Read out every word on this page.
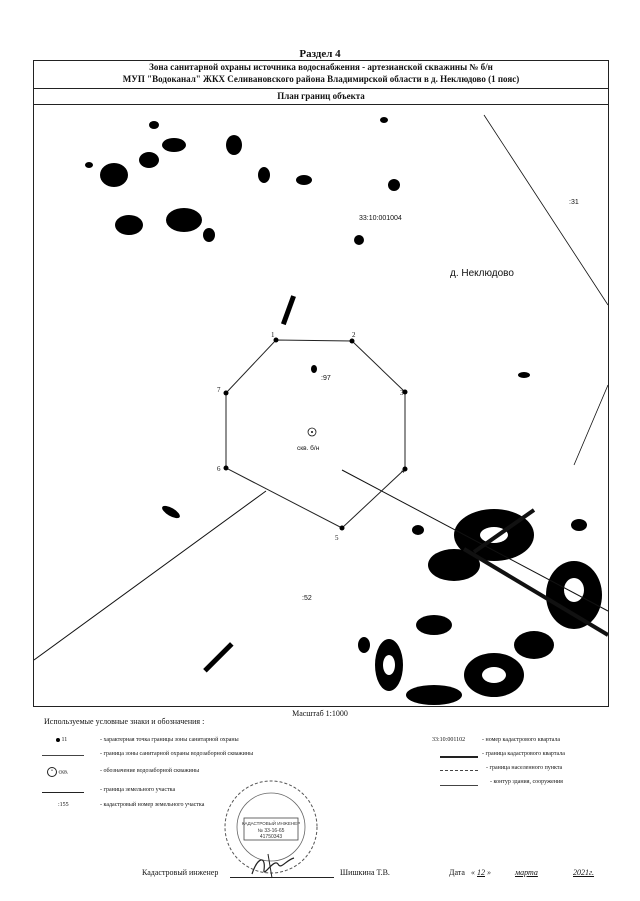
Раздел 4
Зона санитарной охраны источника водоснабжения - артезианской скважины № б/н
МУП "Водоканал" ЖКХ Селивановского района Владимирской области в д. Неклюдово (1 пояс)
План границ объекта
1	2
3
4
5
6
7
33:10:001004
:31
д. Неклюдово
:97
скв. б/н
:52
Масштаб 1:1000
Используемые условные знаки и обозначения :
11	- характерная точка границы зоны санитарной охраны
- граница зоны санитарной охраны водозаборной скважины
• скв.	- обозначение водозаборной скважины
- граница земельного участка
:155	- кадастровый номер земельного участка
33:10:001102	- номер кадастрового квартала
- граница кадастрового квартала
- граница населенного пункта
- контур здания, сооружения
КАДАСТРОВЫЙ ИНЖЕНЕР
№ 33-16-65
41750343
Кадастровый инженер	Шишкина Т.В.	Дата « 12 »	марта	2021г.
